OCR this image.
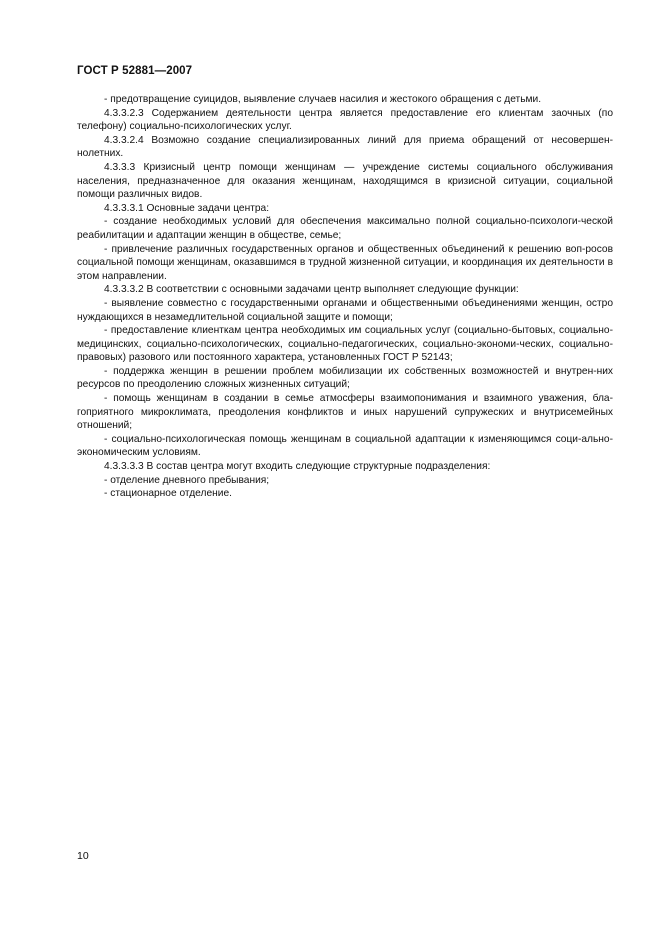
ГОСТ Р 52881—2007

- предотвращение суицидов, выявление случаев насилия и жестокого обращения с детьми.

4.3.3.2.3 Содержанием деятельности центра является предоставление его клиентам заочных (по телефону) социально-психологических услуг.

4.3.3.2.4 Возможно создание специализированных линий для приема обращений от несовершен-нолетних.

4.3.3.3 Кризисный центр помощи женщинам — учреждение системы социального обслуживания населения, предназначенное для оказания женщинам, находящимся в кризисной ситуации, социальной помощи различных видов.

4.3.3.3.1 Основные задачи центра:

- создание необходимых условий для обеспечения максимально полной социально-психологи-ческой реабилитации и адаптации женщин в обществе, семье;

- привлечение различных государственных органов и общественных объединений к решению воп-росов социальной помощи женщинам, оказавшимся в трудной жизненной ситуации, и координация их деятельности в этом направлении.

4.3.3.3.2 В соответствии с основными задачами центр выполняет следующие функции:

- выявление совместно с государственными органами и общественными объединениями женщин, остро нуждающихся в незамедлительной социальной защите и помощи;

- предоставление клиенткам центра необходимых им социальных услуг (социально-бытовых, социально-медицинских, социально-психологических, социально-педагогических, социально-экономи-ческих, социально-правовых) разового или постоянного характера, установленных ГОСТ Р 52143;

- поддержка женщин в решении проблем мобилизации их собственных возможностей и внутрен-них ресурсов по преодолению сложных жизненных ситуаций;

- помощь женщинам в создании в семье атмосферы взаимопонимания и взаимного уважения, бла-гоприятного микроклимата, преодоления конфликтов и иных нарушений супружеских и внутрисемейных отношений;

- социально-психологическая помощь женщинам в социальной адаптации к изменяющимся соци-ально-экономическим условиям.

4.3.3.3.3 В состав центра могут входить следующие структурные подразделения:

- отделение дневного пребывания;

- стационарное отделение.

10
